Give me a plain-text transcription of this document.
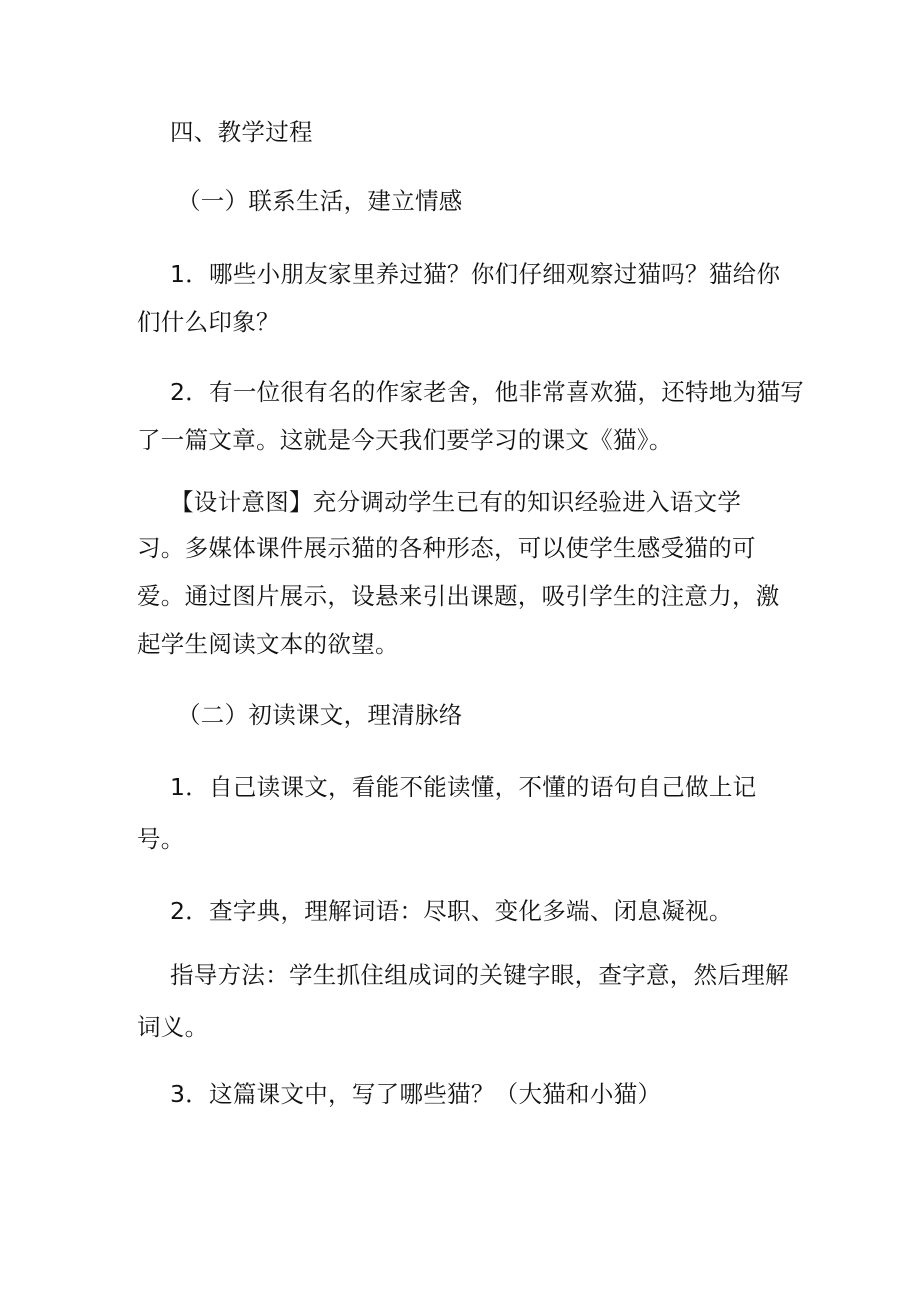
四、教学过程
（一）联系生活，建立情感
1．哪些小朋友家里养过猫？你们仔细观察过猫吗？猫给你
们什么印象？
2．有一位很有名的作家老舍，他非常喜欢猫，还特地为猫写
了一篇文章。这就是今天我们要学习的课文《猫》。
【设计意图】充分调动学生已有的知识经验进入语文学
习。多媒体课件展示猫的各种形态，可以使学生感受猫的可
爱。通过图片展示，设悬来引出课题，吸引学生的注意力，激
起学生阅读文本的欲望。
（二）初读课文，理清脉络
1．自己读课文，看能不能读懂，不懂的语句自己做上记
号。
2．查字典，理解词语：尽职、变化多端、闭息凝视。
指导方法：学生抓住组成词的关键字眼，查字意，然后理解
词义。
3．这篇课文中，写了哪些猫？（大猫和小猫）
